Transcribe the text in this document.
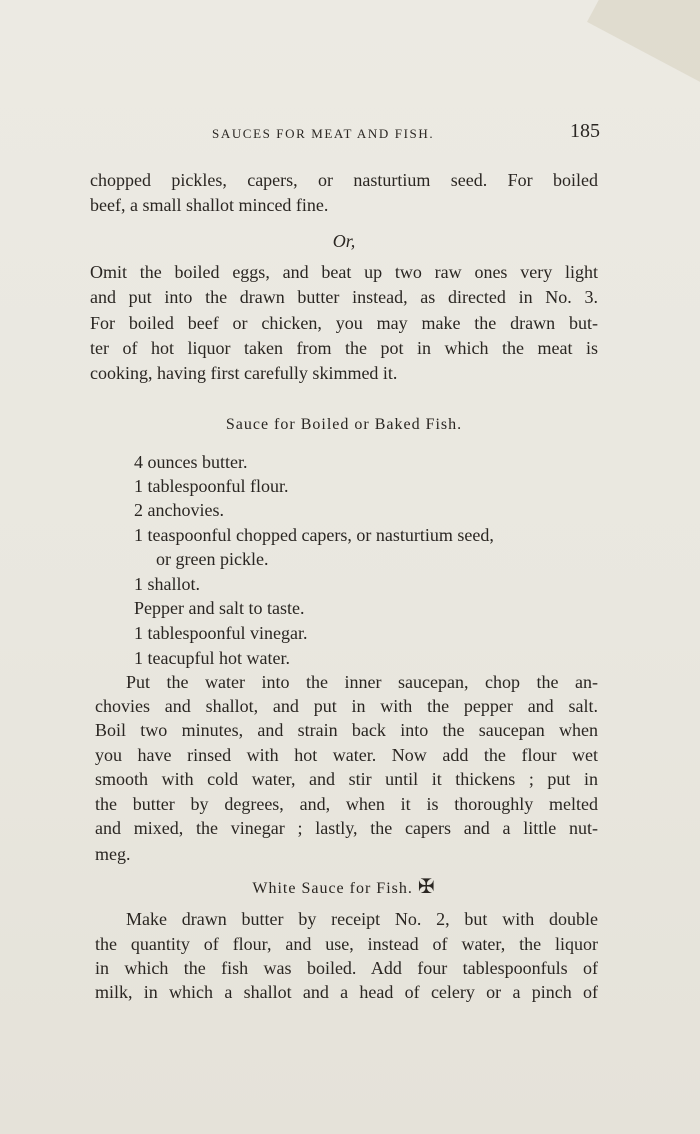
SAUCES FOR MEAT AND FISH.	185
chopped pickles, capers, or nasturtium seed. For boiled
beef, a small shallot minced fine.
Or,
Omit the boiled eggs, and beat up two raw ones very light
and put into the drawn butter instead, as directed in No. 3.
For boiled beef or chicken, you may make the drawn but-
ter of hot liquor taken from the pot in which the meat is
cooking, having first carefully skimmed it.
Sauce for Boiled or Baked Fish.
4 ounces butter.
1 tablespoonful flour.
2 anchovies.
1 teaspoonful chopped capers, or nasturtium seed,
or green pickle.
1 shallot.
Pepper and salt to taste.
1 tablespoonful vinegar.
1 teacupful hot water.
Put the water into the inner saucepan, chop the an-
chovies and shallot, and put in with the pepper and salt.
Boil two minutes, and strain back into the saucepan when
you have rinsed with hot water. Now add the flour wet
smooth with cold water, and stir until it thickens ; put in
the butter by degrees, and, when it is thoroughly melted
and mixed, the vinegar ; lastly, the capers and a little nut-
meg.
White Sauce for Fish. ✠
Make drawn butter by receipt No. 2, but with double
the quantity of flour, and use, instead of water, the liquor
in which the fish was boiled. Add four tablespoonfuls of
milk, in which a shallot and a head of celery or a pinch of
